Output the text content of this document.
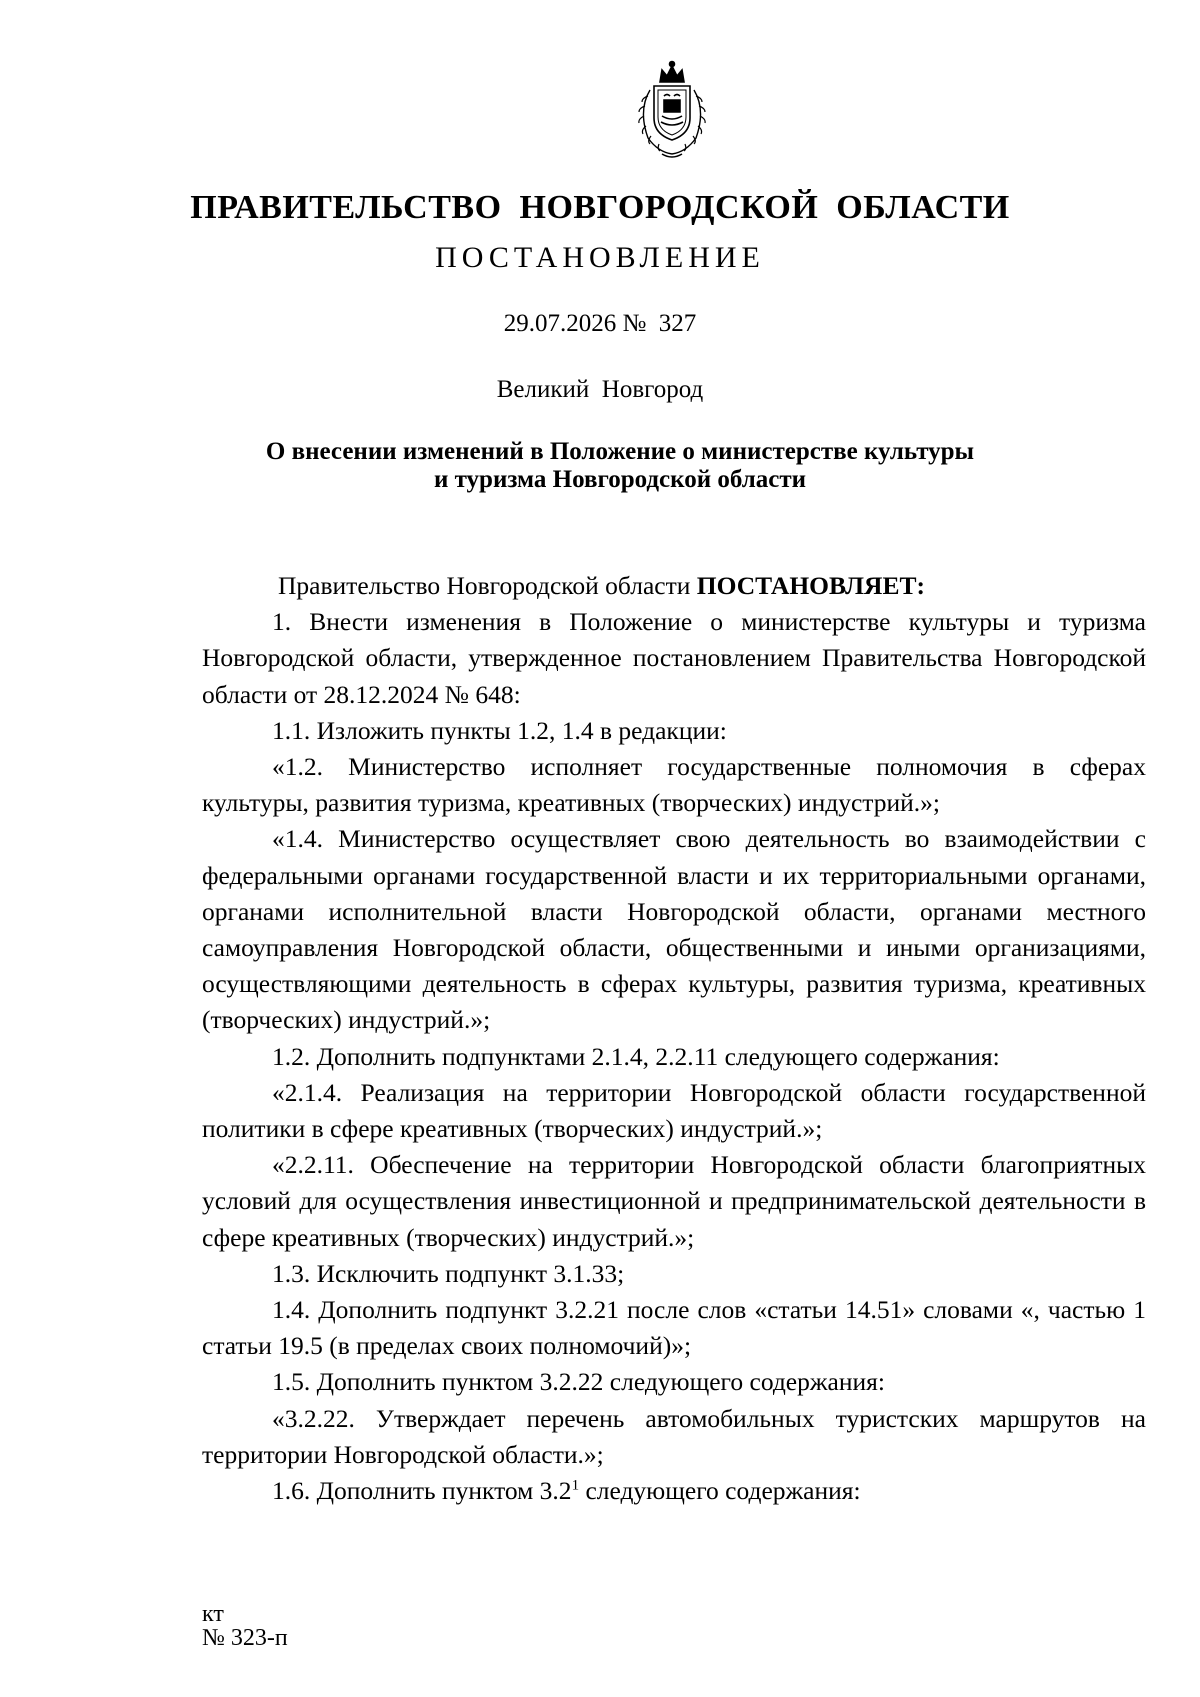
ПРАВИТЕЛЬСТВО  НОВГОРОДСКОЙ  ОБЛАСТИ
ПОСТАНОВЛЕНИЕ
29.07.2026 №  327
Великий  Новгород
О внесении изменений в Положение о министерстве культуры
и туризма Новгородской области

Правительство Новгородской области ПОСТАНОВЛЯЕТ:

1. Внести изменения в Положение о министерстве культуры и туризма Новгородской области, утвержденное постановлением Правительства Новгородской области от 28.12.2024 № 648:

1.1. Изложить пункты 1.2, 1.4 в редакции:

«1.2. Министерство исполняет государственные полномочия в сферах культуры, развития туризма, креативных (творческих) индустрий.»;

«1.4. Министерство осуществляет свою деятельность во взаимодействии с федеральными органами государственной власти и их территориальными органами, органами исполнительной власти Новгородской области, органами местного самоуправления Новгородской области, общественными и иными организациями, осуществляющими деятельность в сферах культуры, развития туризма, креативных (творческих) индустрий.»;

1.2. Дополнить подпунктами 2.1.4, 2.2.11 следующего содержания:

«2.1.4. Реализация на территории Новгородской области государственной политики в сфере креативных (творческих) индустрий.»;

«2.2.11. Обеспечение на территории Новгородской области благоприятных условий для осуществления инвестиционной и предпринимательской деятельности в сфере креативных (творческих) индустрий.»;

1.3. Исключить подпункт 3.1.33;

1.4. Дополнить подпункт 3.2.21 после слов «статьи 14.51» словами «, частью 1 статьи 19.5 (в пределах своих полномочий)»;

1.5. Дополнить пунктом 3.2.22 следующего содержания:

«3.2.22. Утверждает перечень автомобильных туристских маршрутов на территории Новгородской области.»;

1.6. Дополнить пунктом $3.2^1$ следующего содержания:

кт
№ 323-п
